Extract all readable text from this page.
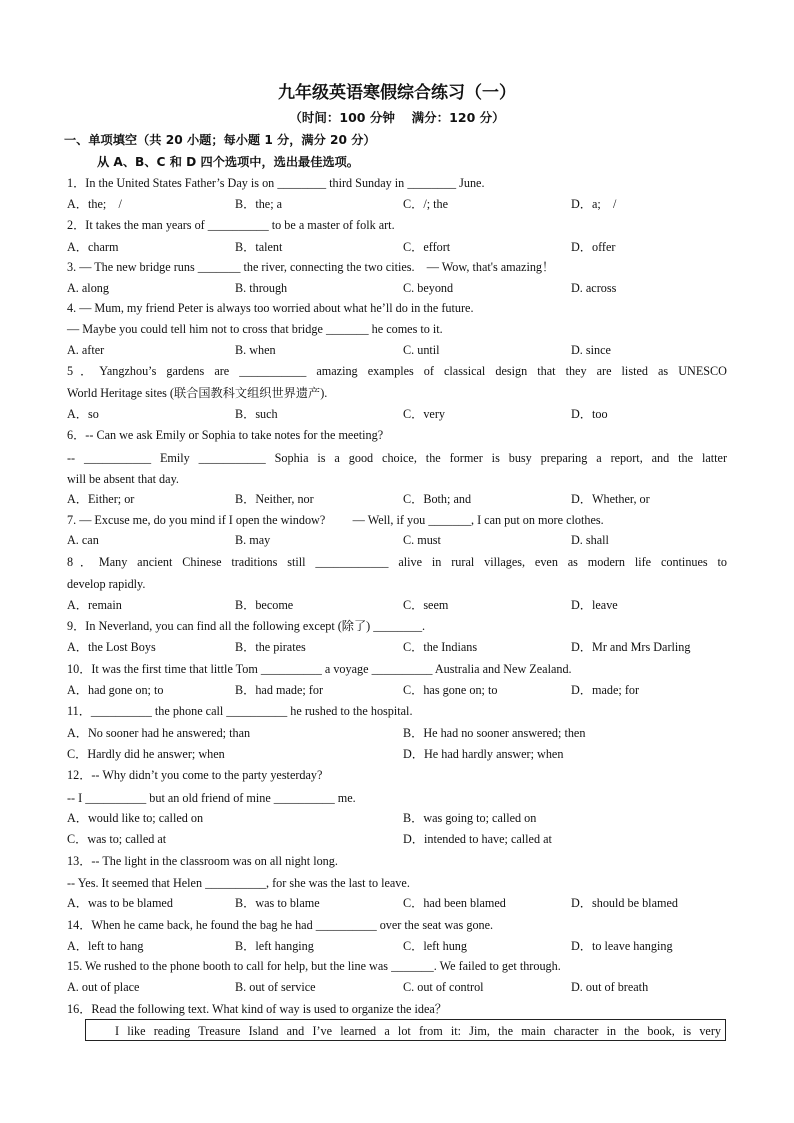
九年级英语寒假综合练习（一）
（时间：100 分钟　 满分：120 分）
一、单项填空（共 20 小题；每小题 1 分，满分 20 分）
从 A、B、C 和 D 四个选项中，选出最佳选项。
1．In the United States Father’s Day is on ________ third Sunday in ________ June.
A．the;　/	B．the; a	C．/; the	D．a;　/
2．It takes the man years of __________ to be a master of folk art.
A．charm	B．talent	C．effort	D．offer
3. — The new bridge runs _______ the river, connecting the two cities.　— Wow, that's amazing！
A. along	B. through	C. beyond	D. across
4. — Mum, my friend Peter is always too worried about what he’ll do in the future.
— Maybe you could tell him not to cross that bridge _______ he comes to it.
A. after	B. when	C. until	D. since
5．Yangzhou’s gardens are ___________ amazing examples of classical design that they are listed as UNESCO
World Heritage sites (联合国教科文组织世界遗产).
A．so	B．such	C．very	D．too
6．-- Can we ask Emily or Sophia to take notes for the meeting?
-- ___________ Emily ___________ Sophia is a good choice, the former is busy preparing a report, and the latter
will be absent that day.
A．Either; or	B．Neither, nor	C．Both; and	D．Whether, or
7. — Excuse me, do you mind if I open the window?　　 — Well, if you _______, I can put on more clothes.
A. can	B. may	C. must	D. shall
8．Many ancient Chinese traditions still ____________ alive in rural villages, even as modern life continues to
develop rapidly.
A．remain	B．become	C．seem	D．leave
9．In Neverland, you can find all the following except (除了) ________.
A．the Lost Boys	B．the pirates	C．the Indians	D．Mr and Mrs Darling
10．It was the first time that little Tom __________ a voyage __________ Australia and New Zealand.
A．had gone on; to	B．had made; for	C．has gone on; to	D．made; for
11．__________ the phone call __________ he rushed to the hospital.
A．No sooner had he answered; than	B．He had no sooner answered; then
C．Hardly did he answer; when	D．He had hardly answer; when
12．-- Why didn’t you come to the party yesterday?
-- I __________ but an old friend of mine __________ me.
A．would like to; called on	B．was going to; called on
C．was to; called at	D．intended to have; called at
13．-- The light in the classroom was on all night long.
-- Yes. It seemed that Helen __________, for she was the last to leave.
A．was to be blamed	B．was to blame	C．had been blamed	D．should be blamed
14．When he came back, he found the bag he had __________ over the seat was gone.
A．left to hang	B．left hanging	C．left hung	D．to leave hanging
15. We rushed to the phone booth to call for help, but the line was _______. We failed to get through.
A. out of place	B. out of service	C. out of control	D. out of breath
16．Read the following text. What kind of way is used to organize the idea？
I like reading Treasure Island and I’ve learned a lot from it: Jim, the main character in the book, is very
